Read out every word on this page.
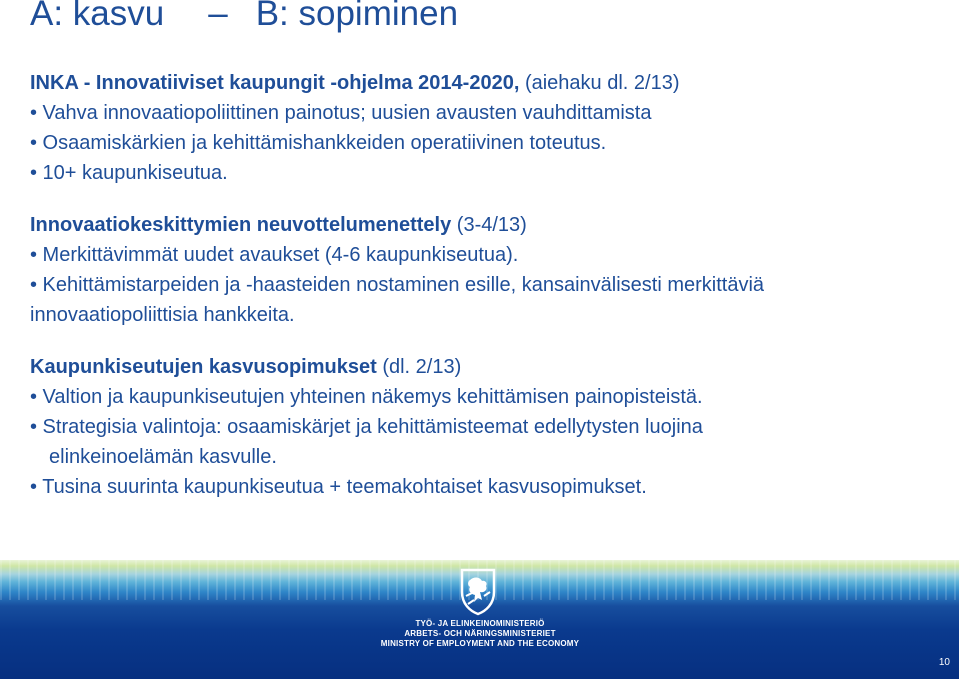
A: kasvu – B: sopiminen

INKA - Innovatiiviset kaupungit -ohjelma 2014-2020, (aiehaku dl. 2/13)

• Vahva innovaatiopoliittinen painotus; uusien avausten vauhdittamista

• Osaamiskärkien ja kehittämishankkeiden operatiivinen toteutus.

• 10+ kaupunkiseutua.

Innovaatiokeskittymien neuvottelumenettely (3-4/13)

• Merkittävimmät uudet avaukset (4-6 kaupunkiseutua).

• Kehittämistarpeiden ja -haasteiden nostaminen esille, kansainvälisesti merkittäviä

innovaatiopoliittisia hankkeita.

Kaupunkiseutujen kasvusopimukset (dl. 2/13)

• Valtion ja kaupunkiseutujen yhteinen näkemys kehittämisen painopisteistä.

• Strategisia valintoja: osaamiskärjet ja kehittämisteemat edellytysten luojina

elinkeinoelämän kasvulle.

• Tusina suurinta kaupunkiseutua + teemakohtaiset kasvusopimukset.

TYÖ- JA ELINKEINOMINISTERIÖ
ARBETS- OCH NÄRINGSMINISTERIET
MINISTRY OF EMPLOYMENT AND THE ECONOMY
10
